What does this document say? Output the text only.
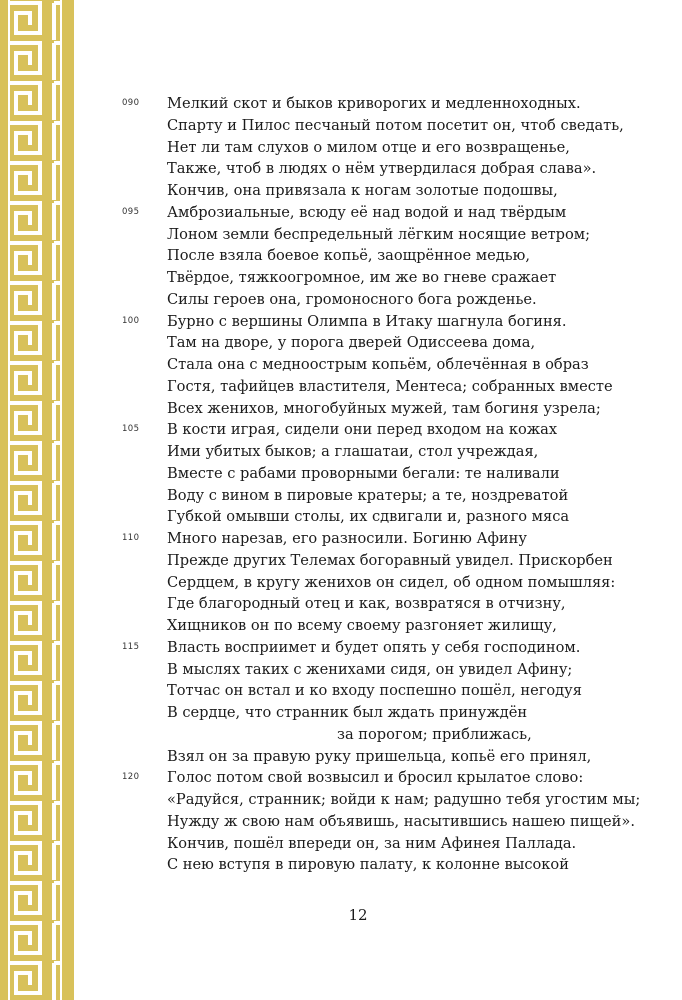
090 Мелкий скот и быков криворогих и медленноходных.
Спарту и Пилос песчаный потом посетит он, чтоб сведать,
Нет ли там слухов о милом отце и его возвращенье,
Также, чтоб в людях о нём утвердилася добрая слава».
Кончив, она привязала к ногам золотые подошвы,
095 Амброзиальные, всюду её над водой и над твёрдым
Лоном земли беспредельный лёгким носящие ветром;
После взяла боевое копьё, заощрённое медью,
Твёрдое, тяжкоогромное, им же во гневе сражает
Силы героев она, громоносного бога рожденье.
100 Бурно с вершины Олимпа в Итаку шагнула богиня.
Там на дворе, у порога дверей Одиссеева дома,
Стала она с медноострым копьём, облечённая в образ
Гостя, тафийцев властителя, Ментеса; собранных вместе
Всех женихов, многобуйных мужей, там богиня узрела;
105 В кости играя, сидели они перед входом на кожах
Ими убитых быков; а глашатаи, стол учреждая,
Вместе с рабами проворными бегали: те наливали
Воду с вином в пировые кратеры; а те, ноздреватой
Губкой омывши столы, их сдвигали и, разного мяса
110 Много нарезав, его разносили. Богиню Афину
Прежде других Телемах богоравный увидел. Прискорбен
Сердцем, в кругу женихов он сидел, об одном помышляя:
Где благородный отец и как, возвратяся в отчизну,
Хищников он по всему своему разгоняет жилищу,
115 Власть восприимет и будет опять у себя господином.
В мыслях таких с женихами сидя, он увидел Афину;
Тотчас он встал и ко входу поспешно пошёл, негодуя
В сердце, что странник был ждать принуждён
за порогом; приближась,
Взял он за правую руку пришельца, копьё его принял,
120 Голос потом свой возвысил и бросил крылатое слово:
«Радуйся, странник; войди к нам; радушно тебя угостим мы;
Нужду ж свою нам объявишь, насытившись нашею пищей».
Кончив, пошёл впереди он, за ним Афинея Паллада.
С нею вступя в пировую палату, к колонне высокой
12
